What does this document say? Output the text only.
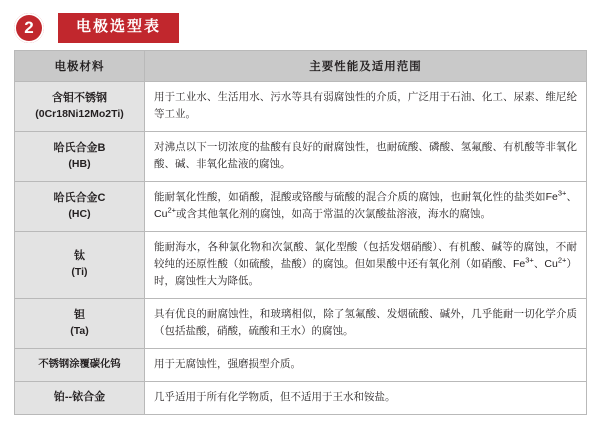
2	电极选型表
电极材料	主要性能及适用范围
含钼不锈钢
(0Cr18Ni12Mo2Ti)	用于工业水、生活用水、污水等具有弱腐蚀性的介质，广泛用于石油、化工、尿素、维尼纶等工业。
哈氏合金B
(HB)	对沸点以下一切浓度的盐酸有良好的耐腐蚀性，也耐硫酸、磷酸、氢氟酸、有机酸等非氧化酸、碱、非氧化盐液的腐蚀。
哈氏合金C
(HC)	能耐氧化性酸，如硝酸，混酸或铬酸与硫酸的混合介质的腐蚀，也耐氧化性的盐类如$Fe^{3+}$、$Cu^{2+}$或含其他氧化剂的腐蚀，如高于常温的次氯酸盐溶液，海水的腐蚀。
钛
(Ti)	能耐海水，各种氯化物和次氯酸、氯化型酸（包括发烟硝酸）、有机酸、碱等的腐蚀，不耐较纯的还原性酸（如硫酸，盐酸）的腐蚀。但如果酸中还有氧化剂（如硝酸、$Fe^{3+}$、$Cu^{2+}$）时，腐蚀性大为降低。
钽
(Ta)	具有优良的耐腐蚀性，和玻璃相似，除了氢氟酸、发烟硫酸、碱外，几乎能耐一切化学介质（包括盐酸，硝酸，硫酸和王水）的腐蚀。
不锈钢涂覆碳化钨	用于无腐蚀性，强磨损型介质。
铂--铱合金	几乎适用于所有化学物质，但不适用于王水和铵盐。
